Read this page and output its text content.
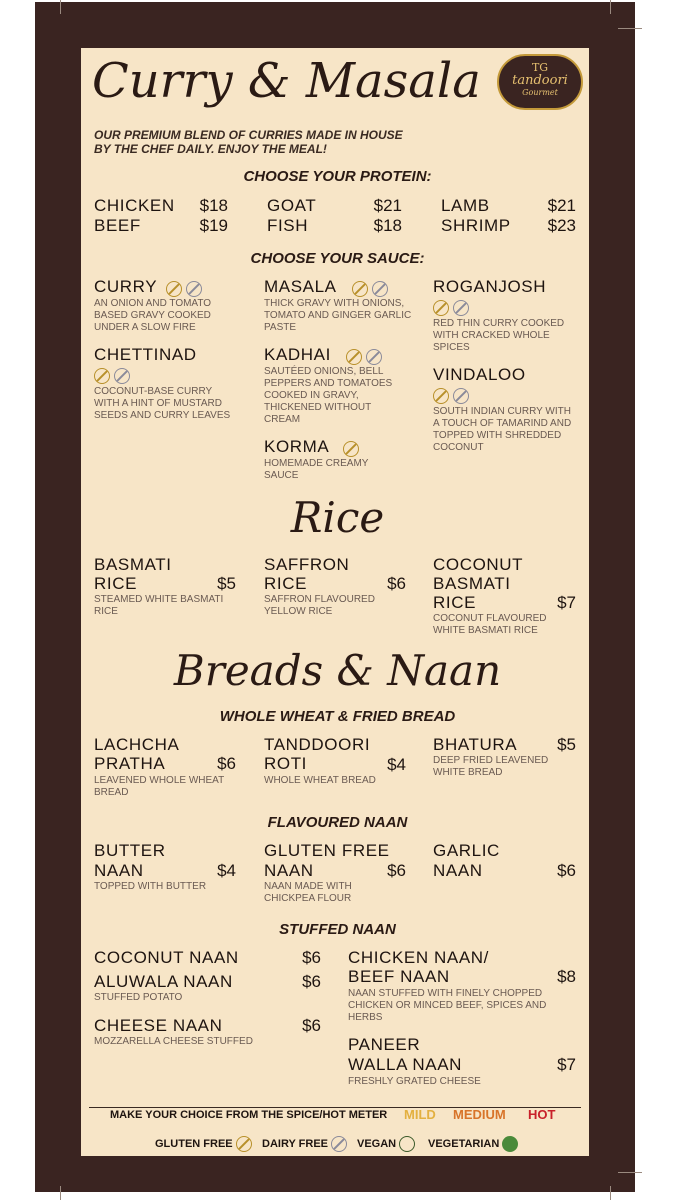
Curry & Masala	TG
tandoori
Gourmet
OUR PREMIUM BLEND OF CURRIES MADE IN HOUSE
BY THE CHEF DAILY. ENJOY THE MEAL!
CHOOSE YOUR PROTEIN:
CHICKEN	$18 GOAT	$21 LAMB	$21
BEEF	$19 FISH	$18 SHRIMP	$23
CHOOSE YOUR SAUCE:
CURRY
AN ONION AND TOMATO BASED GRAVY COOKED UNDER A SLOW FIRE
MASALA
THICK GRAVY WITH ONIONS, TOMATO AND GINGER GARLIC PASTE
ROGANJOSH
RED THIN CURRY COOKED WITH CRACKED WHOLE SPICES
CHETTINAD
COCONUT-BASE CURRY WITH A HINT OF MUSTARD SEEDS AND CURRY LEAVES
KADHAI
SAUTÉED ONIONS, BELL PEPPERS AND TOMATOES COOKED IN GRAVY, THICKENED WITHOUT CREAM
VINDALOO
SOUTH INDIAN CURRY WITH A TOUCH OF TAMARIND AND TOPPED WITH SHREDDED COCONUT
KORMA
HOMEMADE CREAMY SAUCE
Rice
BASMATI
RICE	$5
STEAMED WHITE BASMATI RICE
SAFFRON
RICE	$6
SAFFRON FLAVOURED YELLOW RICE
COCONUT
BASMATI
RICE	$7
COCONUT FLAVOURED WHITE BASMATI RICE
Breads & Naan
WHOLE WHEAT & FRIED BREAD
LACHCHA
PRATHA	$6
LEAVENED WHOLE WHEAT BREAD
TANDDOORI
ROTI	$4
WHOLE WHEAT BREAD
BHATURA	$5
DEEP FRIED LEAVENED WHITE BREAD
FLAVOURED NAAN
BUTTER
NAAN	$4
TOPPED WITH BUTTER
GLUTEN FREE
NAAN	$6
NAAN MADE WITH CHICKPEA FLOUR
GARLIC
NAAN	$6
STUFFED NAAN
COCONUT NAAN	$6
ALUWALA NAAN	$6
STUFFED POTATO
CHEESE NAAN	$6
MOZZARELLA CHEESE STUFFED
CHICKEN NAAN/
BEEF NAAN	$8
NAAN STUFFED WITH FINELY CHOPPED CHICKEN OR MINCED BEEF, SPICES AND HERBS
PANEER
WALLA NAAN	$7
FRESHLY GRATED CHEESE
MAKE YOUR CHOICE FROM THE SPICE/HOT METER MILD MEDIUM HOT
GLUTEN FREE	DAIRY FREE	VEGAN	VEGETARIAN
